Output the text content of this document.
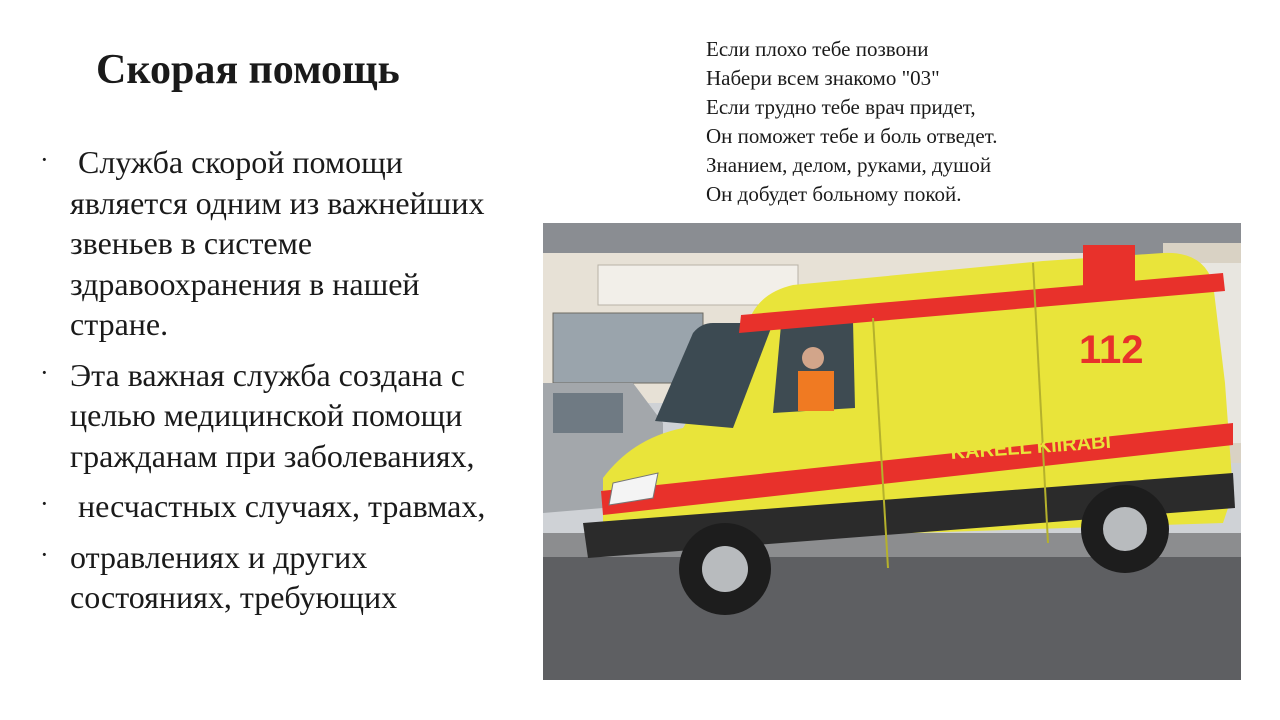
Скорая помощь
· Служба скорой помощи является одним из важнейших звеньев в системе здравоохранения в нашей стране.
· Эта важная служба создана с целью медицинской помощи гражданам при заболеваниях,
· несчастных случаях, травмах,
· отравлениях и других состояниях, требующих
Если плохо тебе позвони
Набери всем знакомо "03"
Если трудно тебе врач придет,
Он поможет тебе и боль отведет.
Знанием, делом, руками, душой
Он добудет больному покой.
112
KARELL KIIRABI
